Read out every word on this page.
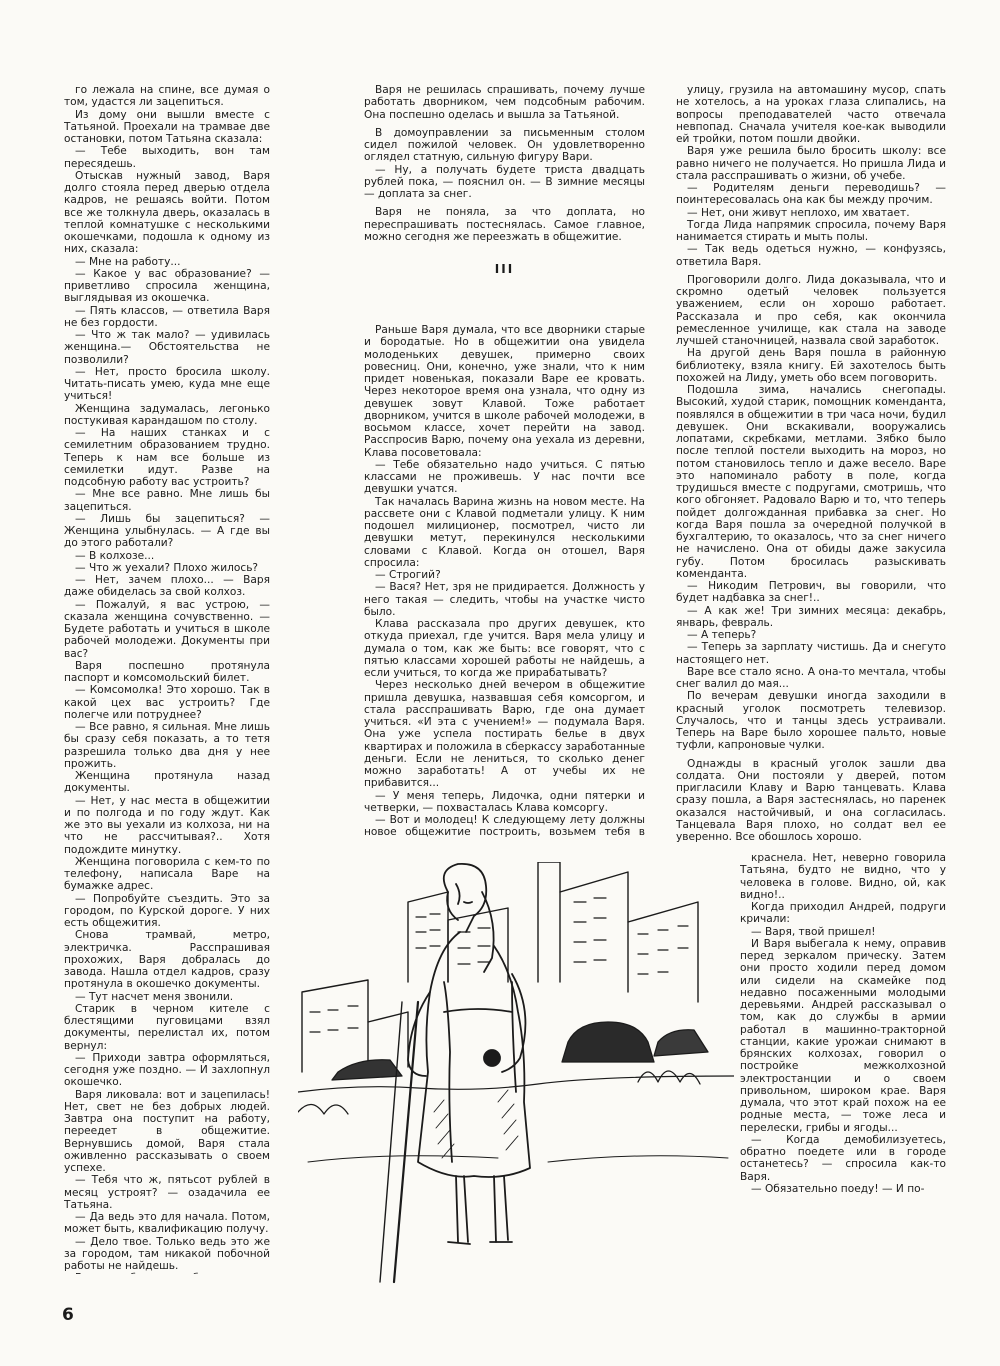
го лежала на спине, все думая о том, удастся ли зацепиться.

Из дому они вышли вместе с Татьяной. Проехали на трамвае две остановки, потом Татьяна сказала:

— Тебе выходить, вон там пересядешь.

Отыскав нужный завод, Варя долго стояла перед дверью отдела кадров, не решаясь войти. Потом все же толкнула дверь, оказалась в теплой комнатушке с несколькими окошечками, подошла к одному из них, сказала:

— Мне на работу...

— Какое у вас образование? — приветливо спросила женщина, выглядывая из окошечка.

— Пять классов, — ответила Варя не без гордости.

— Что ж так мало? — удивилась женщина.— Обстоятельства не позволили?

— Нет, просто бросила школу. Читать-писать умею, куда мне еще учиться!

Женщина задумалась, легонько постукивая карандашом по столу.

— На наших станках и с семилетним образованием трудно. Теперь к нам все больше из семилетки идут. Разве на подсобную работу вас устроить?

— Мне все равно. Мне лишь бы зацепиться.

— Лишь бы зацепиться? — Женщина улыбнулась. — А где вы до этого работали?

— В колхозе...

— Что ж уехали? Плохо жилось?

— Нет, зачем плохо... — Варя даже обиделась за свой колхоз.

— Пожалуй, я вас устрою, — сказала женщина сочувственно. — Будете работать и учиться в школе рабочей молодежи. Документы при вас?

Варя поспешно протянула паспорт и комсомольский билет.

— Комсомолка! Это хорошо. Так в какой цех вас устроить? Где полегче или потруднее?

— Все равно, я сильная. Мне лишь бы сразу себя показать, а то тетя разрешила только два дня у нее прожить.

Женщина протянула назад документы.

— Нет, у нас места в общежитии и по полгода и по году ждут. Как же это вы уехали из колхоза, ни на что не рассчитывая?.. Хотя подождите минутку.

Женщина поговорила с кем-то по телефону, написала Варе на бумажке адрес.

— Попробуйте съездить. Это за городом, по Курской дороге. У них есть общежития.

Снова трамвай, метро, электричка. Расспрашивая прохожих, Варя добралась до завода. Нашла отдел кадров, сразу протянула в окошечко документы.

— Тут насчет меня звонили.

Старик в черном кителе с блестящими пуговицами взял документы, перелистал их, потом вернул:

— Приходи завтра оформляться, сегодня уже поздно. — И захлопнул окошечко.

Варя ликовала: вот и зацепилась! Нет, свет не без добрых людей. Завтра она поступит на работу, переедет в общежитие. Вернувшись домой, Варя стала оживленно рассказывать о своем успехе.

— Тебя что ж, пятьсот рублей в месяц устроят? — озадачила ее Татьяна.

— Да ведь это для начала. Потом, может быть, квалификацию получу.

— Дело твое. Только ведь это же за городом, там никакой побочной работы не найдешь.

Варя не решилась спрашивать, почему лучше работать дворником, чем подсобным рабочим. Она поспешно оделась и вышла за Татьяной.

В домоуправлении за письменным столом сидел пожилой человек. Он удовлетворенно оглядел статную, сильную фигуру Вари.

— Ну, а получать будете триста двадцать рублей пока, — пояснил он. — В зимние месяцы — доплата за снег.

Варя не поняла, за что доплата, но переспрашивать постеснялась. Самое главное, можно сегодня же переезжать в общежитие.

III

Раньше Варя думала, что все дворники старые и бородатые. Но в общежитии она увидела молоденьких девушек, примерно своих ровесниц. Они, конечно, уже знали, что к ним придет новенькая, показали Варе ее кровать. Через некоторое время она узнала, что одну из девушек зовут Клавой. Тоже работает дворником, учится в школе рабочей молодежи, в восьмом классе, хочет перейти на завод. Расспросив Варю, почему она уехала из деревни, Клава посоветовала:

— Тебе обязательно надо учиться. С пятью классами не проживешь. У нас почти все девушки учатся.

Так началась Варина жизнь на новом месте. На рассвете они с Клавой подметали улицу. К ним подошел милиционер, посмотрел, чисто ли девушки метут, перекинулся несколькими словами с Клавой. Когда он отошел, Варя спросила:

— Строгий?

— Вася? Нет, зря не придирается. Должность у него такая — следить, чтобы на участке чисто было.

Клава рассказала про других девушек, кто откуда приехал, где учится. Варя мела улицу и думала о том, как же быть: все говорят, что с пятью классами хорошей работы не найдешь, а если учиться, то когда же прирабатывать?

Через несколько дней вечером в общежитие пришла девушка, назвавшая себя комсоргом, и стала расспрашивать Варю, где она думает учиться. «И эта с учением!» — подумала Варя. Она уже успела постирать белье в двух квартирах и положила в сберкассу заработанные деньги. Если не лениться, то сколько денег можно заработать! А от учебы их не прибавится...

— У меня теперь, Лидочка, одни пятерки и четверки, — похвасталась Клава комсоргу.

— Вот и молодец! К следующему лету должны новое общежитие построить, возьмем тебя в

улицу, грузила на автомашину мусор, спать не хотелось, а на уроках глаза слипались, на вопросы преподавателей часто отвечала невпопад. Сначала учителя кое-как выводили ей тройки, потом пошли двойки.

Варя уже решила было бросить школу: все равно ничего не получается. Но пришла Лида и стала расспрашивать о жизни, об учебе.

— Родителям деньги переводишь? — поинтересовалась она как бы между прочим.

— Нет, они живут неплохо, им хватает.

Тогда Лида напрямик спросила, почему Варя нанимается стирать и мыть полы.

— Так ведь одеться нужно, — конфузясь, ответила Варя.

Проговорили долго. Лида доказывала, что и скромно одетый человек пользуется уважением, если он хорошо работает. Рассказала и про себя, как окончила ремесленное училище, как стала на заводе лучшей станочницей, назвала свой заработок.

На другой день Варя пошла в районную библиотеку, взяла книгу. Ей захотелось быть похожей на Лиду, уметь обо всем поговорить.

Подошла зима, начались снегопады. Высокий, худой старик, помощник коменданта, появлялся в общежитии в три часа ночи, будил девушек. Они вскакивали, вооружались лопатами, скребками, метлами. Зябко было после теплой постели выходить на мороз, но потом становилось тепло и даже весело. Варе это напоминало работу в поле, когда трудишься вместе с подругами, смотришь, что кого обгоняет. Радовало Варю и то, что теперь пойдет долгожданная прибавка за снег. Но когда Варя пошла за очередной получкой в бухгалтерию, то оказалось, что за снег ничего не начислено. Она от обиды даже закусила губу. Потом бросилась разыскивать коменданта.

— Никодим Петрович, вы говорили, что будет надбавка за снег!..

— А как же! Три зимних месяца: декабрь, январь, февраль.

— А теперь?

— Теперь за зарплату чистишь. Да и снегуто настоящего нет.

Варе все стало ясно. А она-то мечтала, чтобы снег валил до мая...

По вечерам девушки иногда заходили в красный уголок посмотреть телевизор. Случалось, что и танцы здесь устраивали. Теперь на Варе было хорошее пальто, новые туфли, капроновые чулки.

Однажды в красный уголок зашли два солдата. Они постояли у дверей, потом пригласили Клаву и Варю танцевать. Клава сразу пошла, а Варя застеснялась, но паренек оказался настойчивый, и она согласилась. Танцевала Варя плохо, но солдат вел ее уверенно. Все обошлось хорошо.

краснела. Нет, неверно говорила Татьяна, будто не видно, что у человека в голове. Видно, ой, как видно!..

Когда приходил Андрей, подруги кричали:

— Варя, твой пришел!

И Варя выбегала к нему, оправив перед зеркалом прическу. Затем они просто ходили перед домом или сидели на скамейке под недавно посаженными молодыми деревьями. Андрей рассказывал о том, как до службы в армии работал в машинно-тракторной станции, какие урожаи снимают в брянских колхозах, говорил о постройке межколхозной электростанции и о своем привольном, широком крае. Варя думала, что этот край похож на ее родные места, — тоже леса и перелески, грибы и ягоды...

— Когда демобилизуетесь, обратно поедете или в городе останетесь? — спросила как-то Варя.

— Обязательно поеду! — И по-

6
